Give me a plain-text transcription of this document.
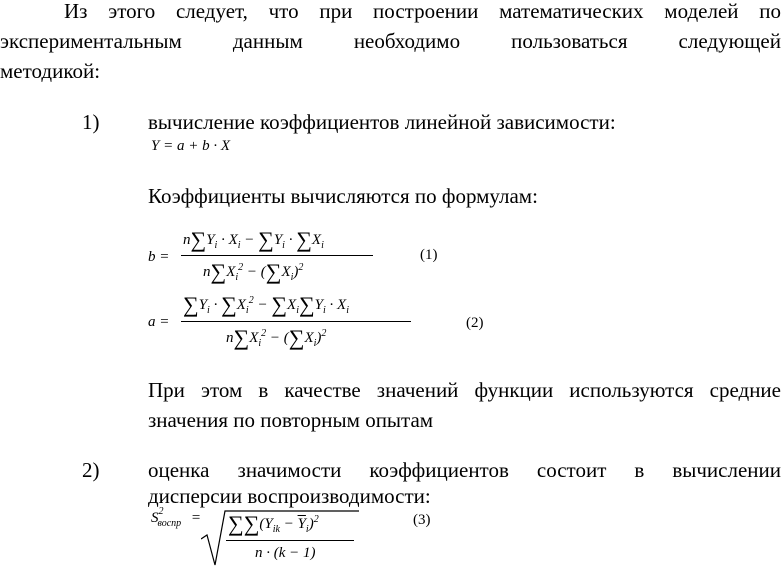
Из этого следует, что при построении математических моделей по
экспериментальным данным необходимо пользоваться следующей
методикой:
1) вычисление коэффициентов линейной зависимости:
Y = a + b · X
Коэффициенты вычисляются по формулам:
b =
$n\sum Y_i \cdot X_i - \sum Y_i \cdot \sum X_i$
$n\sum X_i^2 - (\sum X_i)^2$
(1)
a =
$\sum Y_i \cdot \sum X_i^2 - \sum X_i\sum Y_i \cdot X_i$
$n\sum X_i^2 - (\sum X_i)^2$
(2)
При этом в качестве значений функции используются средние
значения по повторным опытам
2) оценка значимости коэффициентов состоит в вычислении
дисперсии воспроизводимости:
$S^2_{воспр} = \sum\sum(Y_{ik} - \overline{Y}_i)^2$
n · (k − 1)
(3)
